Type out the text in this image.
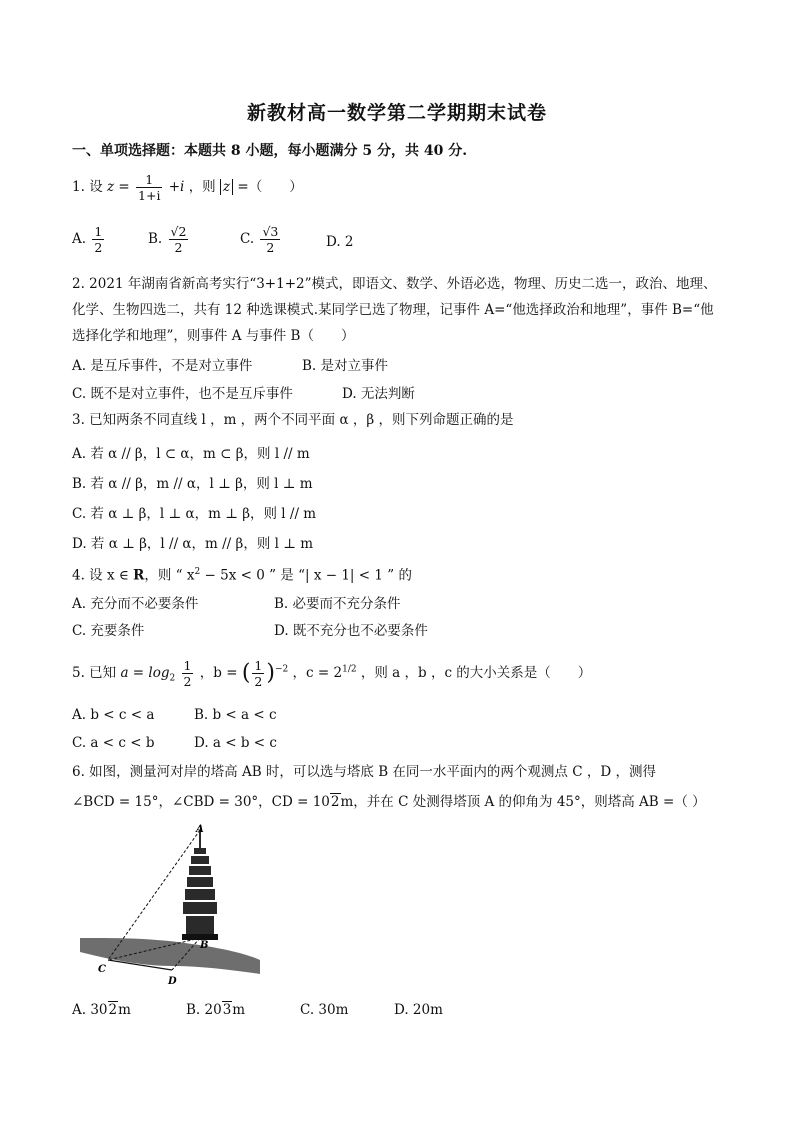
新教材高一数学第二学期期末试卷
一、单项选择题：本题共 8 小题，每小题满分 5 分，共 40 分.
1. 设 $z = \frac{1}{1+i} +i$ ，则 z =（　　）
A. $\frac{1}{2}$	B. $\frac{√2}{2}$	C. $\frac{√3}{2}$	D. 2
2. 2021 年湖南省新高考实行“3+1+2”模式，即语文、数学、外语必选，物理、历史二选一，政治、地理、
化学、生物四选二，共有 12 种选课模式.某同学已选了物理，记事件 A=“他选择政治和地理”，事件 B=“他
选择化学和地理”，则事件 A 与事件 B（　　）
A. 是互斥事件，不是对立事件	B. 是对立事件
C. 既不是对立事件，也不是互斥事件	D. 无法判断
3. 已知两条不同直线 l ，m ，两个不同平面 α ，β ，则下列命题正确的是
A. 若 α // β，l ⊂ α，m ⊂ β，则 l // m
B. 若 α // β，m // α，l ⊥ β，则 l ⊥ m
C. 若 α ⊥ β，l ⊥ α，m ⊥ β，则 l // m
D. 若 α ⊥ β，l // α，m // β，则 l ⊥ m
4. 设 x ∈ R，则 “ $x^2 - 5x < 0$ ” 是 “| x − 1| < 1 ” 的
A. 充分而不必要条件	B. 必要而不充分条件
C. 充要条件	D. 既不充分也不必要条件
5. 已知 $a = \log_2 \frac{1}{2}$ ，b = ( $\frac{1}{2} )^{-2}$ ，$c = 2^{1/2}$ ，则 a ，b ，c 的大小关系是（　　）
A. b < c < a	B. b < a < c
C. a < c < b	D. a < b < c
6. 如图，测量河对岸的塔高 AB 时，可以选与塔底 B 在同一水平面内的两个观测点 C ，D ，测得
∠BCD = 15°，∠CBD = 30°，CD = 102m，并在 C 处测得塔顶 A 的仰角为 45°，则塔高 AB =（ ）
A
B
C
D
A. 302m	B. 203m	C. 30m	D. 20m
